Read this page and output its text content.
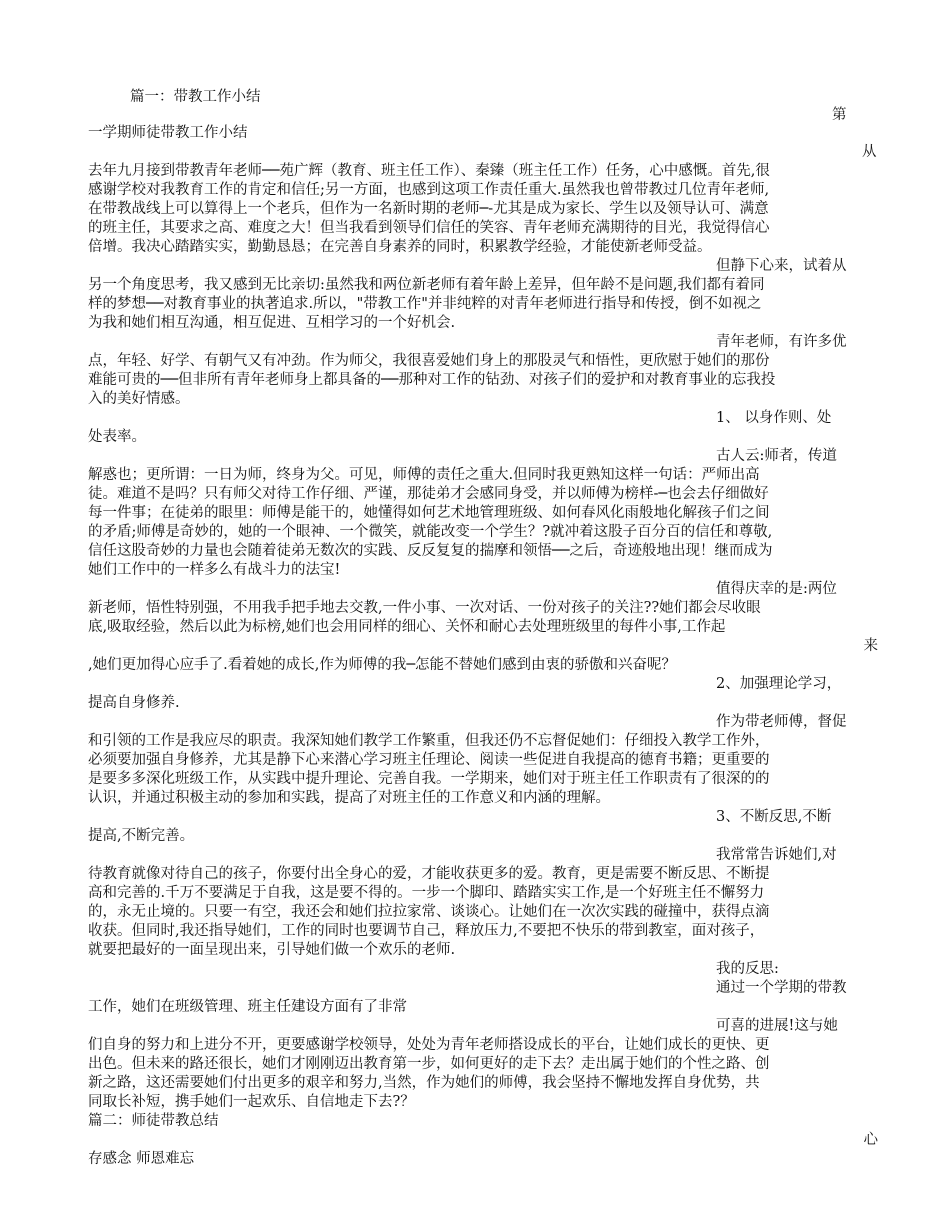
篇一：带教工作小结
第
一学期师徒带教工作小结
从
去年九月接到带教青年老师──苑广辉（教育、班主任工作）、秦臻（班主任工作）任务，心中感慨。首先,很
感谢学校对我教育工作的肯定和信任;另一方面，也感到这项工作责任重大.虽然我也曾带教过几位青年老师,
在带教战线上可以算得上一个老兵，但作为一名新时期的老师─-尤其是成为家长、学生以及领导认可、满意
的班主任，其要求之高、难度之大！但当我看到领导们信任的笑容、青年老师充满期待的目光，我觉得信心
倍增。我决心踏踏实实，勤勤恳恳；在完善自身素养的同时，积累教学经验，才能使新老师受益。
但静下心来，试着从
另一个角度思考，我又感到无比亲切:虽然我和两位新老师有着年龄上差异，但年龄不是问题,我们都有着同
样的梦想──对教育事业的执著追求.所以，"带教工作"并非纯粹的对青年老师进行指导和传授，倒不如视之
为我和她们相互沟通，相互促进、互相学习的一个好机会.
青年老师，有许多优
点，年轻、好学、有朝气又有冲劲。作为师父，我很喜爱她们身上的那股灵气和悟性，更欣慰于她们的那份
难能可贵的──但非所有青年老师身上都具备的──那种对工作的钻劲、对孩子们的爱护和对教育事业的忘我投
入的美好情感。
1、 以身作则、处
处表率。
古人云:师者，传道
解惑也；更所谓：一日为师，终身为父。可见，师傅的责任之重大.但同时我更熟知这样一句话：严师出高
徒。难道不是吗？只有师父对待工作仔细、严谨，那徒弟才会感同身受，并以师傅为榜样-─也会去仔细做好
每一件事；在徒弟的眼里：师傅是能干的，她懂得如何艺术地管理班级、如何春风化雨般地化解孩子们之间
的矛盾;师傅是奇妙的，她的一个眼神、一个微笑，就能改变一个学生？?就冲着这股子百分百的信任和尊敬,
信任这股奇妙的力量也会随着徒弟无数次的实践、反反复复的揣摩和领悟──之后，奇迹般地出现！继而成为
她们工作中的一样多么有战斗力的法宝!
值得庆幸的是:两位
新老师，悟性特别强，不用我手把手地去交教,一件小事、一次对话、一份对孩子的关注??她们都会尽收眼
底,吸取经验，然后以此为标榜,她们也会用同样的细心、关怀和耐心去处理班级里的每件小事,工作起
来
,她们更加得心应手了.看着她的成长,作为师傅的我─怎能不替她们感到由衷的骄傲和兴奋呢？
2、加强理论学习，
提高自身修养.
作为带老师傅，督促
和引领的工作是我应尽的职责。我深知她们教学工作繁重，但我还仍不忘督促她们：仔细投入教学工作外，
必须要加强自身修养，尤其是静下心来潜心学习班主任理论、阅读一些促进自我提高的德育书籍；更重要的
是要多多深化班级工作，从实践中提升理论、完善自我。一学期来，她们对于班主任工作职责有了很深的的
认识，并通过积极主动的参加和实践，提高了对班主任的工作意义和内涵的理解。
3、不断反思,不断
提高,不断完善。
我常常告诉她们,对
待教育就像对待自己的孩子，你要付出全身心的爱，才能收获更多的爱。教育，更是需要不断反思、不断提
高和完善的.千万不要满足于自我，这是要不得的。一步一个脚印、踏踏实实工作,是一个好班主任不懈努力
的，永无止境的。只要一有空，我还会和她们拉拉家常、谈谈心。让她们在一次次实践的碰撞中，获得点滴
收获。但同时,我还指导她们，工作的同时也要调节自己，释放压力,不要把不快乐的带到教室，面对孩子，
就要把最好的一面呈现出来，引导她们做一个欢乐的老师.
我的反思:
通过一个学期的带教
工作，她们在班级管理、班主任建设方面有了非常
可喜的进展!这与她
们自身的努力和上进分不开，更要感谢学校领导，处处为青年老师搭设成长的平台，让她们成长的更快、更
出色。但未来的路还很长，她们才刚刚迈出教育第一步，如何更好的走下去？走出属于她们的个性之路、创
新之路，这还需要她们付出更多的艰辛和努力,当然，作为她们的师傅，我会坚持不懈地发挥自身优势，共
同取长补短，携手她们一起欢乐、自信地走下去?？
篇二：师徒带教总结
心
存感念 师恩难忘
